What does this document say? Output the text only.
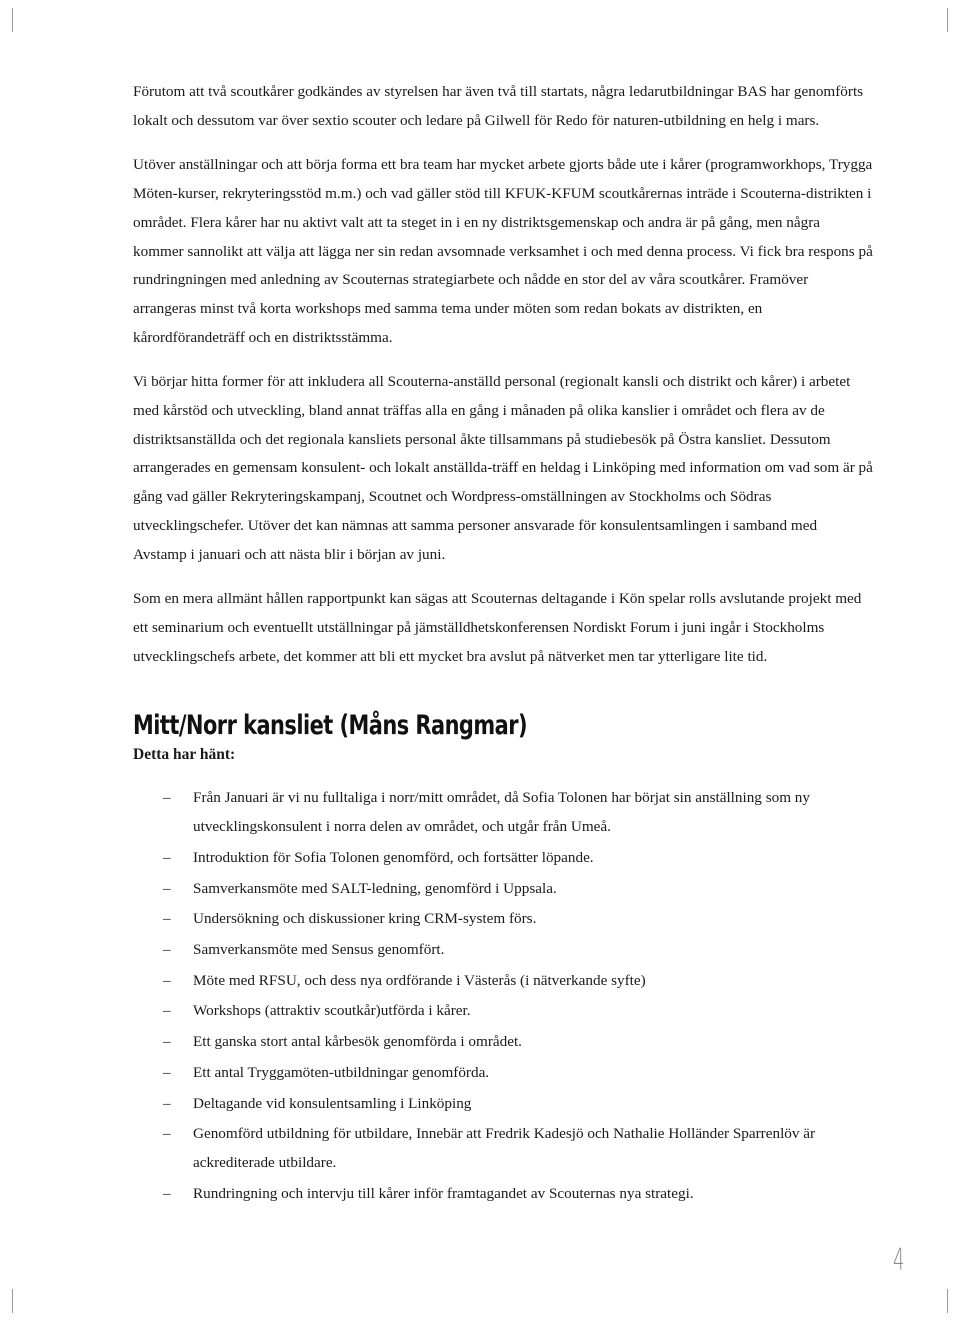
Förutom att två scoutkårer godkändes av styrelsen har även två till startats, några ledarutbildningar BAS har genomförts lokalt och dessutom var över sextio scouter och ledare på Gilwell för Redo för naturen-utbildning en helg i mars.

Utöver anställningar och att börja forma ett bra team har mycket arbete gjorts både ute i kårer (programworkhops, Trygga Möten-kurser, rekryteringsstöd m.m.) och vad gäller stöd till KFUK-KFUM scoutkårernas inträde i Scouterna-distrikten i området. Flera kårer har nu aktivt valt att ta steget in i en ny distriktsgemenskap och andra är på gång, men några kommer sannolikt att välja att lägga ner sin redan avsomnade verksamhet i och med denna process. Vi fick bra respons på rundringningen med anledning av Scouternas strategiarbete och nådde en stor del av våra scoutkårer. Framöver arrangeras minst två korta workshops med samma tema under möten som redan bokats av distrikten, en kårordförandeträff och en distriktsstämma.

Vi börjar hitta former för att inkludera all Scouterna-anställd personal (regionalt kansli och distrikt och kårer) i arbetet med kårstöd och utveckling, bland annat träffas alla en gång i månaden på olika kanslier i området och flera av de distriktsanställda och det regionala kansliets personal åkte tillsammans på studiebesök på Östra kansliet. Dessutom arrangerades en gemensam konsulent- och lokalt anställda-träff en heldag i Linköping med information om vad som är på gång vad gäller Rekryteringskampanj, Scoutnet och Wordpress-omställningen av Stockholms och Södras utvecklingschefer. Utöver det kan nämnas att samma personer ansvarade för konsulentsamlingen i samband med Avstamp i januari och att nästa blir i början av juni.

Som en mera allmänt hållen rapportpunkt kan sägas att Scouternas deltagande i Kön spelar rolls avslutande projekt med ett seminarium och eventuellt utställningar på jämställdhetskonferensen Nordiskt Forum i juni ingår i Stockholms utvecklingschefs arbete, det kommer att bli ett mycket bra avslut på nätverket men tar ytterligare lite tid.

Mitt/Norr kansliet (Måns Rangmar)

Detta har hänt:

– Från Januari är vi nu fulltaliga i norr/mitt området, då Sofia Tolonen har börjat sin anställning som ny utvecklingskonsulent i norra delen av området, och utgår från Umeå.
– Introduktion för Sofia Tolonen genomförd, och fortsätter löpande.
– Samverkansmöte med SALT-ledning, genomförd i Uppsala.
– Undersökning och diskussioner kring CRM-system förs.
– Samverkansmöte med Sensus genomfört.
– Möte med RFSU, och dess nya ordförande i Västerås (i nätverkande syfte)
– Workshops (attraktiv scoutkår)utförda i kårer.
– Ett ganska stort antal kårbesök genomförda i området.
– Ett antal Tryggamöten-utbildningar genomförda.
– Deltagande vid konsulentsamling i Linköping
– Genomförd utbildning för utbildare, Innebär att Fredrik Kadesjö och Nathalie Holländer Sparrenlöv är ackrediterade utbildare.
– Rundringning och intervju till kårer inför framtagandet av Scouternas nya strategi.
4
